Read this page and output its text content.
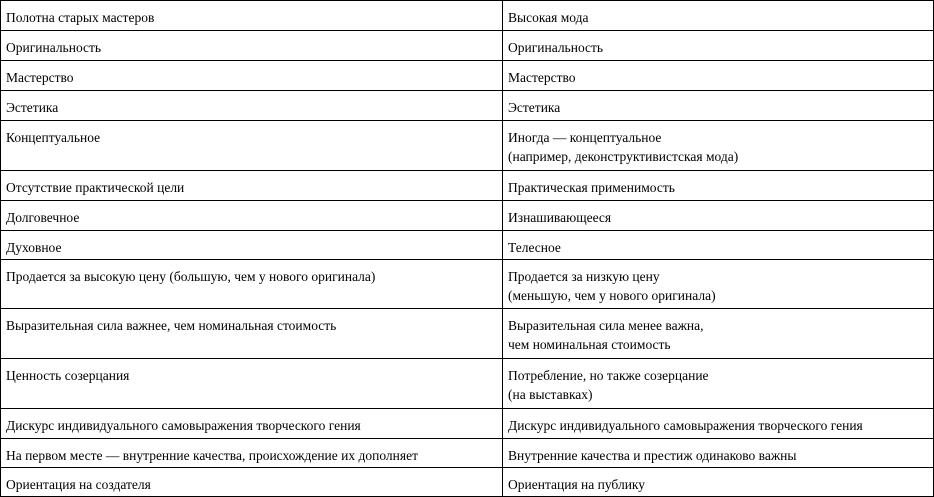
Полотна старых мастеров	Высокая мода

Оригинальность	Оригинальность

Мастерство	Мастерство

Эстетика	Эстетика

Концептуальное	Иногда — концептуальное
(например, деконструктивистская мода)

Отсутствие практической цели	Практическая применимость

Долговечное	Изнашивающееся

Духовное	Телесное

Продается за высокую цену (большую, чем у нового оригинала)	Продается за низкую цену
(меньшую, чем у нового оригинала)

Выразительная сила важнее, чем номинальная стоимость	Выразительная сила менее важна,
чем номинальная стоимость

Ценность созерцания	Потребление, но также созерцание
(на выставках)

Дискурс индивидуального самовыражения творческого гения	Дискурс индивидуального самовыражения творческого гения

На первом месте — внутренние качества, происхождение их дополняет	Внутренние качества и престиж одинаково важны

Ориентация на создателя	Ориентация на публику
